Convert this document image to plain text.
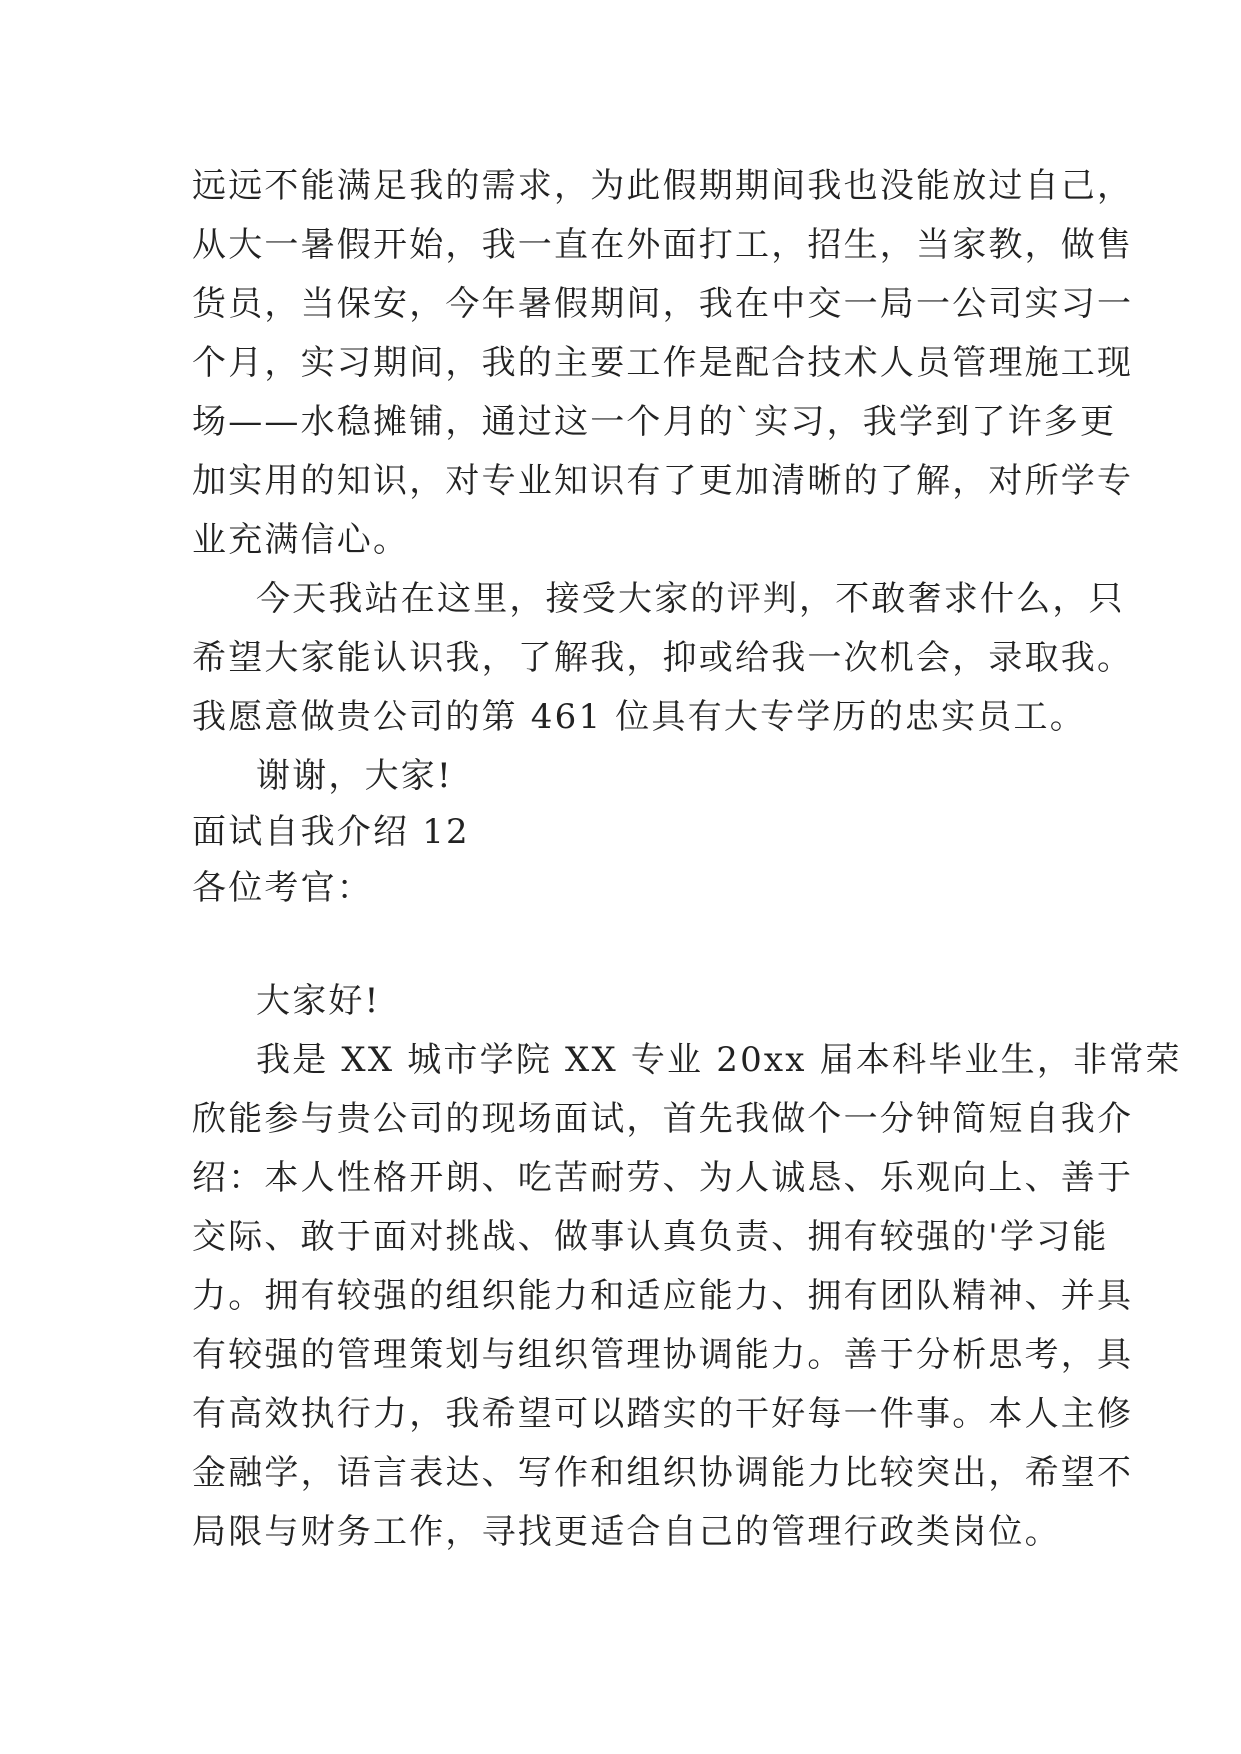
远远不能满足我的需求，为此假期期间我也没能放过自己，
从大一暑假开始，我一直在外面打工，招生，当家教，做售
货员，当保安，今年暑假期间，我在中交一局一公司实习一
个月，实习期间，我的主要工作是配合技术人员管理施工现
场——水稳摊铺，通过这一个月的`实习，我学到了许多更
加实用的知识，对专业知识有了更加清晰的了解，对所学专
业充满信心。
今天我站在这里，接受大家的评判，不敢奢求什么，只
希望大家能认识我，了解我，抑或给我一次机会，录取我。
我愿意做贵公司的第 461 位具有大专学历的忠实员工。
谢谢，大家!
面试自我介绍 12
各位考官：
大家好!
我是 XX 城市学院 XX 专业 20xx 届本科毕业生，非常荣
欣能参与贵公司的现场面试，首先我做个一分钟简短自我介
绍：本人性格开朗、吃苦耐劳、为人诚恳、乐观向上、善于
交际、敢于面对挑战、做事认真负责、拥有较强的'学习能
力。拥有较强的组织能力和适应能力、拥有团队精神、并具
有较强的管理策划与组织管理协调能力。善于分析思考，具
有高效执行力，我希望可以踏实的干好每一件事。本人主修
金融学，语言表达、写作和组织协调能力比较突出，希望不
局限与财务工作，寻找更适合自己的管理行政类岗位。
